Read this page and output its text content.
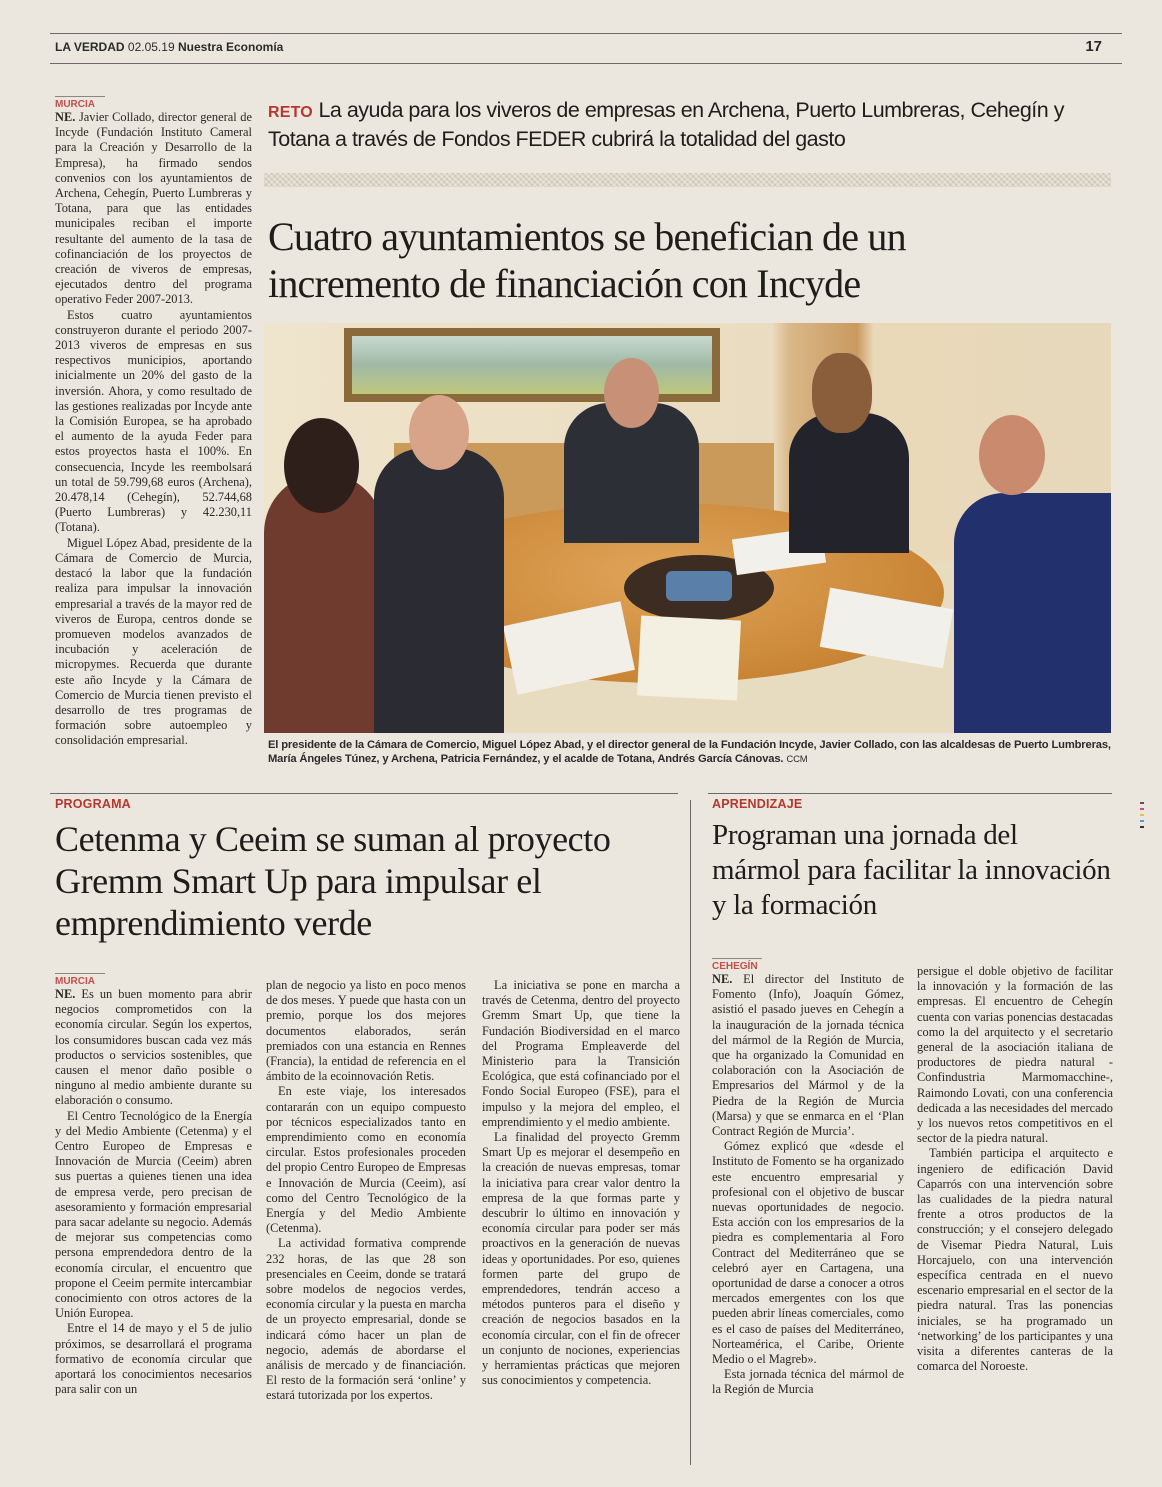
LA VERDAD 02.05.19 Nuestra Economía	17
MURCIA

NE. Javier Collado, director general de Incyde (Fundación Instituto Cameral para la Creación y Desarrollo de la Empresa), ha firmado sendos convenios con los ayuntamientos de Archena, Cehegín, Puerto Lumbreras y Totana, para que las entidades municipales reciban el importe resultante del aumento de la tasa de cofinanciación de los proyectos de creación de viveros de empresas, ejecutados dentro del programa operativo Feder 2007-2013.

Estos cuatro ayuntamientos construyeron durante el periodo 2007-2013 viveros de empresas en sus respectivos municipios, aportando inicialmente un 20% del gasto de la inversión. Ahora, y como resultado de las gestiones realizadas por Incyde ante la Comisión Europea, se ha aprobado el aumento de la ayuda Feder para estos proyectos hasta el 100%. En consecuencia, Incyde les reembolsará un total de 59.799,68 euros (Archena), 20.478,14 (Cehegín), 52.744,68 (Puerto Lumbreras) y 42.230,11 (Totana).

Miguel López Abad, presidente de la Cámara de Comercio de Murcia, destacó la labor que la fundación realiza para impulsar la innovación empresarial a través de la mayor red de viveros de Europa, centros donde se promueven modelos avanzados de incubación y aceleración de micropymes. Recuerda que durante este año Incyde y la Cámara de Comercio de Murcia tienen previsto el desarrollo de tres programas de formación sobre autoempleo y consolidación empresarial.

RETO La ayuda para los viveros de empresas en Archena, Puerto Lumbreras, Cehegín y Totana a través de Fondos FEDER cubrirá la totalidad del gasto
Cuatro ayuntamientos se benefician de un
incremento de financiación con Incyde
El presidente de la Cámara de Comercio, Miguel López Abad, y el director general de la Fundación Incyde, Javier Collado, con las alcaldesas de Puerto Lumbreras, María Ángeles Túnez, y Archena, Patricia Fernández, y el acalde de Totana, Andrés García Cánovas. CCM
PROGRAMA
Cetenma y Ceeim se suman al proyecto Gremm Smart Up para impulsar el emprendimiento verde
MURCIA

NE. Es un buen momento para abrir negocios comprometidos con la economía circular. Según los expertos, los consumidores buscan cada vez más productos o servicios sostenibles, que causen el menor daño posible o ninguno al medio ambiente durante su elaboración o consumo.

El Centro Tecnológico de la Energía y del Medio Ambiente (Cetenma) y el Centro Europeo de Empresas e Innovación de Murcia (Ceeim) abren sus puertas a quienes tienen una idea de empresa verde, pero precisan de asesoramiento y formación empresarial para sacar adelante su negocio. Además de mejorar sus competencias como persona emprendedora dentro de la economía circular, el encuentro que propone el Ceeim permite intercambiar conocimiento con otros actores de la Unión Europea.

Entre el 14 de mayo y el 5 de julio próximos, se desarrollará el programa formativo de economía circular que aportará los conocimientos necesarios para salir con un

plan de negocio ya listo en poco menos de dos meses. Y puede que hasta con un premio, porque los dos mejores documentos elaborados, serán premiados con una estancia en Rennes (Francia), la entidad de referencia en el ámbito de la ecoinnovación Retis.

En este viaje, los interesados contararán con un equipo compuesto por técnicos especializados tanto en emprendimiento como en economía circular. Estos profesionales proceden del propio Centro Europeo de Empresas e Innovación de Murcia (Ceeim), así como del Centro Tecnológico de la Energía y del Medio Ambiente (Cetenma).

La actividad formativa comprende 232 horas, de las que 28 son presenciales en Ceeim, donde se tratará sobre modelos de negocios verdes, economía circular y la puesta en marcha de un proyecto empresarial, donde se indicará cómo hacer un plan de negocio, además de abordarse el análisis de mercado y de financiación. El resto de la formación será ‘online’ y estará tutorizada por los expertos.

La iniciativa se pone en marcha a través de Cetenma, dentro del proyecto Gremm Smart Up, que tiene la Fundación Biodiversidad en el marco del Programa Empleaverde del Ministerio para la Transición Ecológica, que está cofinanciado por el Fondo Social Europeo (FSE), para el impulso y la mejora del empleo, el emprendimiento y el medio ambiente.

La finalidad del proyecto Gremm Smart Up es mejorar el desempeño en la creación de nuevas empresas, tomar la iniciativa para crear valor dentro la empresa de la que formas parte y descubrir lo último en innovación y economía circular para poder ser más proactivos en la generación de nuevas ideas y oportunidades. Por eso, quienes formen parte del grupo de emprendedores, tendrán acceso a métodos punteros para el diseño y creación de negocios basados en la economía circular, con el fin de ofrecer un conjunto de nociones, experiencias y herramientas prácticas que mejoren sus conocimientos y competencia.

APRENDIZAJE
Programan una jornada del mármol para facilitar la innovación y la formación
CEHEGÍN

NE. El director del Instituto de Fomento (Info), Joaquín Gómez, asistió el pasado jueves en Cehegín a la inauguración de la jornada técnica del mármol de la Región de Murcia, que ha organizado la Comunidad en colaboración con la Asociación de Empresarios del Mármol y de la Piedra de la Región de Murcia (Marsa) y que se enmarca en el ‘Plan Contract Región de Murcia’.

Gómez explicó que «desde el Instituto de Fomento se ha organizado este encuentro empresarial y profesional con el objetivo de buscar nuevas oportunidades de negocio. Esta acción con los empresarios de la piedra es complementaria al Foro Contract del Mediterráneo que se celebró ayer en Cartagena, una oportunidad de darse a conocer a otros mercados emergentes con los que pueden abrir líneas comerciales, como es el caso de países del Mediterráneo, Norteamérica, el Caribe, Oriente Medio o el Magreb».

Esta jornada técnica del mármol de la Región de Murcia

persigue el doble objetivo de facilitar la innovación y la formación de las empresas. El encuentro de Cehegín cuenta con varias ponencias destacadas como la del arquitecto y el secretario general de la asociación italiana de productores de piedra natural -Confindustria Marmomacchine-, Raimondo Lovati, con una conferencia dedicada a las necesidades del mercado y los nuevos retos competitivos en el sector de la piedra natural.

También participa el arquitecto e ingeniero de edificación David Caparrós con una intervención sobre las cualidades de la piedra natural frente a otros productos de la construcción; y el consejero delegado de Visemar Piedra Natural, Luis Horcajuelo, con una intervención específica centrada en el nuevo escenario empresarial en el sector de la piedra natural. Tras las ponencias iniciales, se ha programado un ‘networking’ de los participantes y una visita a diferentes canteras de la comarca del Noroeste.
